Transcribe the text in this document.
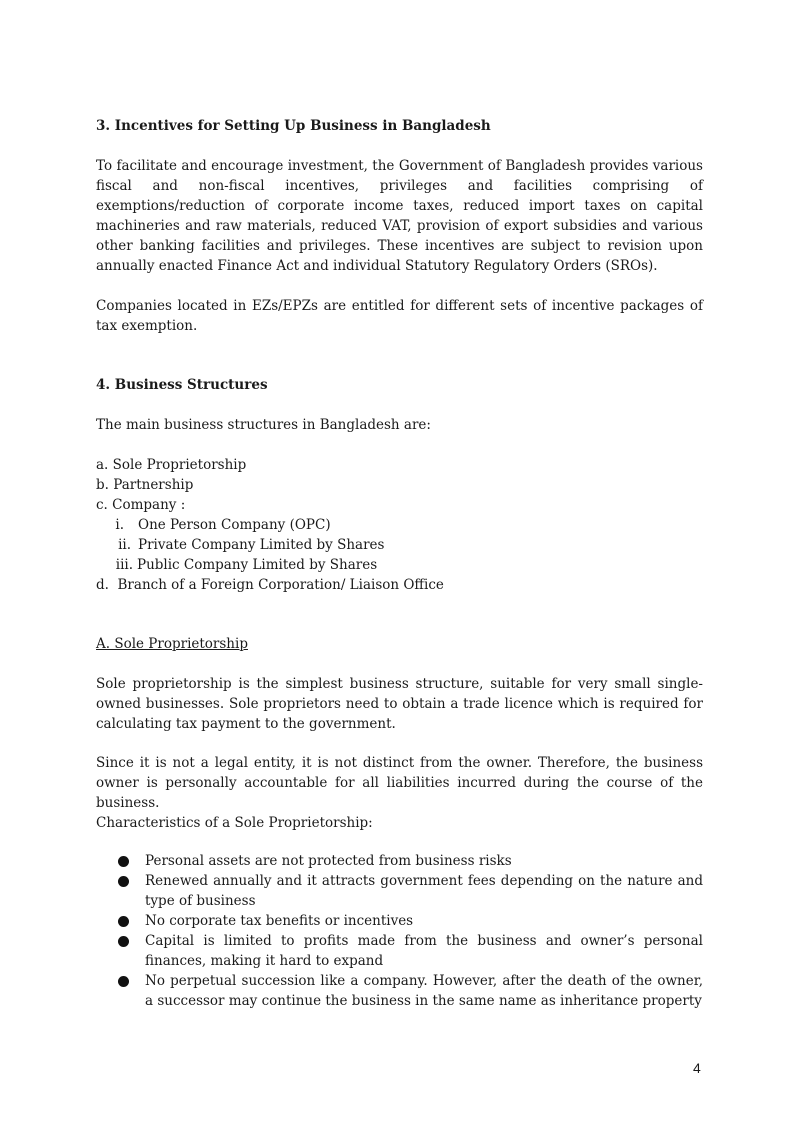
3. Incentives for Setting Up Business in Bangladesh

To facilitate and encourage investment, the Government of Bangladesh provides various fiscal and non-fiscal incentives, privileges and facilities comprising of exemptions/reduction of corporate income taxes, reduced import taxes on capital machineries and raw materials, reduced VAT, provision of export subsidies and various other banking facilities and privileges. These incentives are subject to revision upon annually enacted Finance Act and individual Statutory Regulatory Orders (SROs).

Companies located in EZs/EPZs are entitled for different sets of incentive packages of tax exemption.

4. Business Structures

The main business structures in Bangladesh are:

a. Sole Proprietorship

b. Partnership

c. Company :

i. One Person Company (OPC)

ii. Private Company Limited by Shares

iii. Public Company Limited by Shares

d.  Branch of a Foreign Corporation/ Liaison Office

A. Sole Proprietorship

Sole proprietorship is the simplest business structure, suitable for very small single-owned businesses. Sole proprietors need to obtain a trade licence which is required for calculating tax payment to the government.

Since it is not a legal entity, it is not distinct from the owner. Therefore, the business owner is personally accountable for all liabilities incurred during the course of the business.

Characteristics of a Sole Proprietorship:

Personal assets are not protected from business risks
Renewed annually and it attracts government fees depending on the nature and type of business
No corporate tax benefits or incentives
Capital is limited to profits made from the business and owner’s personal finances, making it hard to expand
No perpetual succession like a company. However, after the death of the owner, a successor may continue the business in the same name as inheritance property
4
